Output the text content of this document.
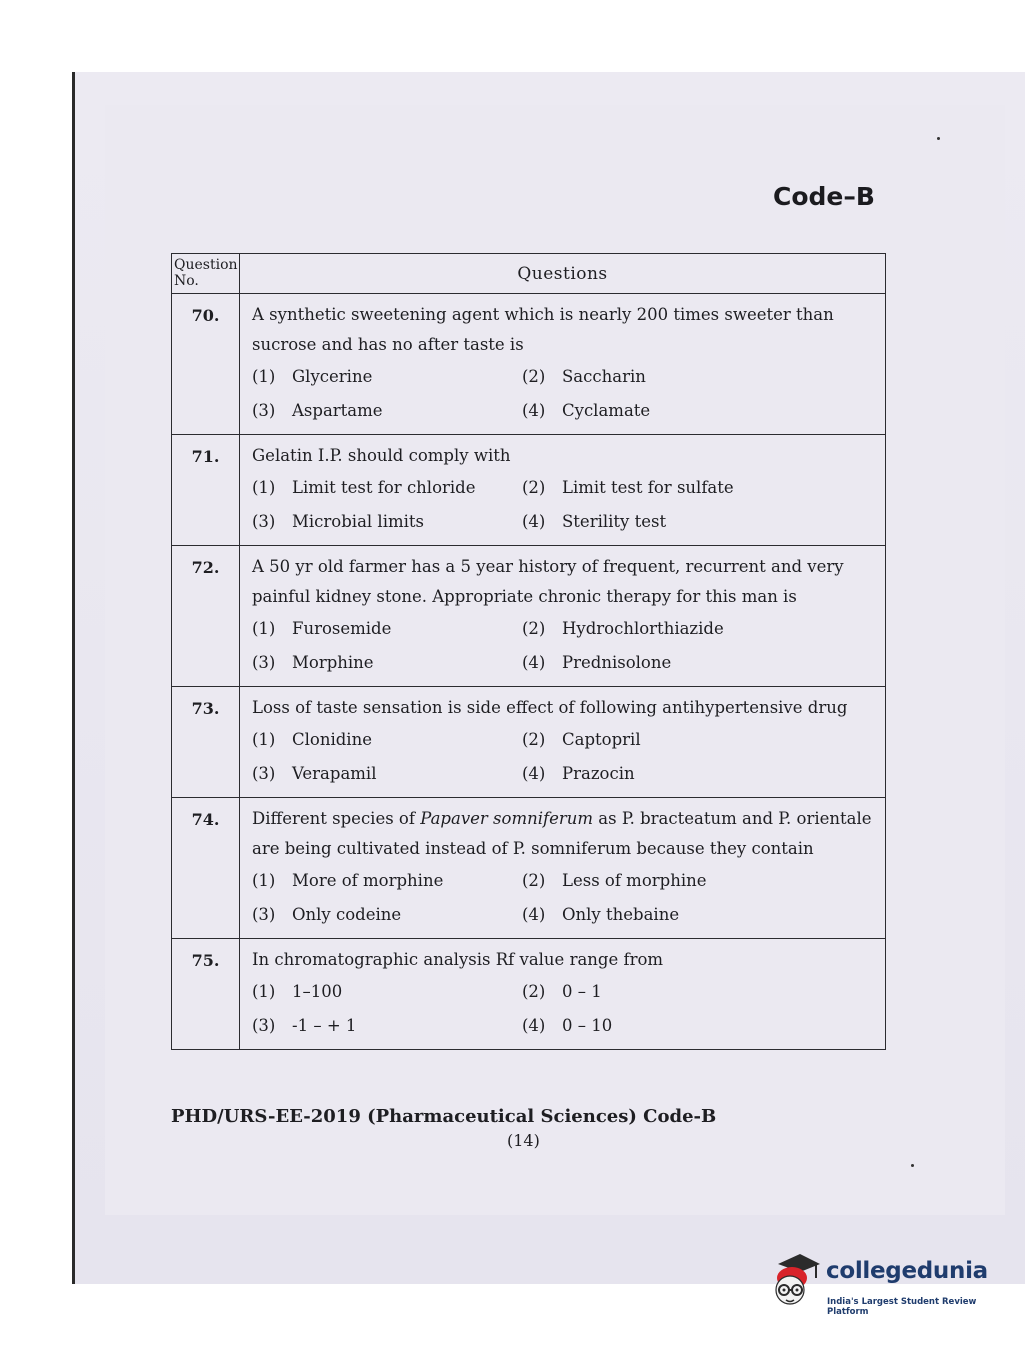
Code–B
Question No.	Questions
70.	A synthetic sweetening agent which is nearly 200 times sweeter than sucrose and has no after taste is
(1) Glycerine (2) Saccharin
(3) Aspartame (4) Cyclamate

71.	Gelatin I.P. should comply with
(1) Limit test for chloride (2) Limit test for sulfate
(3) Microbial limits (4) Sterility test

72.	A 50 yr old farmer has a 5 year history of frequent, recurrent and very painful kidney stone. Appropriate chronic therapy for this man is
(1) Furosemide (2) Hydrochlorthiazide
(3) Morphine (4) Prednisolone

73.	Loss of taste sensation is side effect of following antihypertensive drug
(1) Clonidine (2) Captopril
(3) Verapamil (4) Prazocin

74.	Different species of Papaver somniferum as P. bracteatum and P. orientale are being cultivated instead of P. somniferum because they contain
(1) More of morphine (2) Less of morphine
(3) Only codeine (4) Only thebaine

75.	In chromatographic analysis Rf value range from
(1) 1–100 (2) 0 – 1
(3) -1 – + 1 (4) 0 – 10
PHD/URS-EE-2019 (Pharmaceutical Sciences) Code-B
(14)
collegedunia
India's Largest Student Review Platform
